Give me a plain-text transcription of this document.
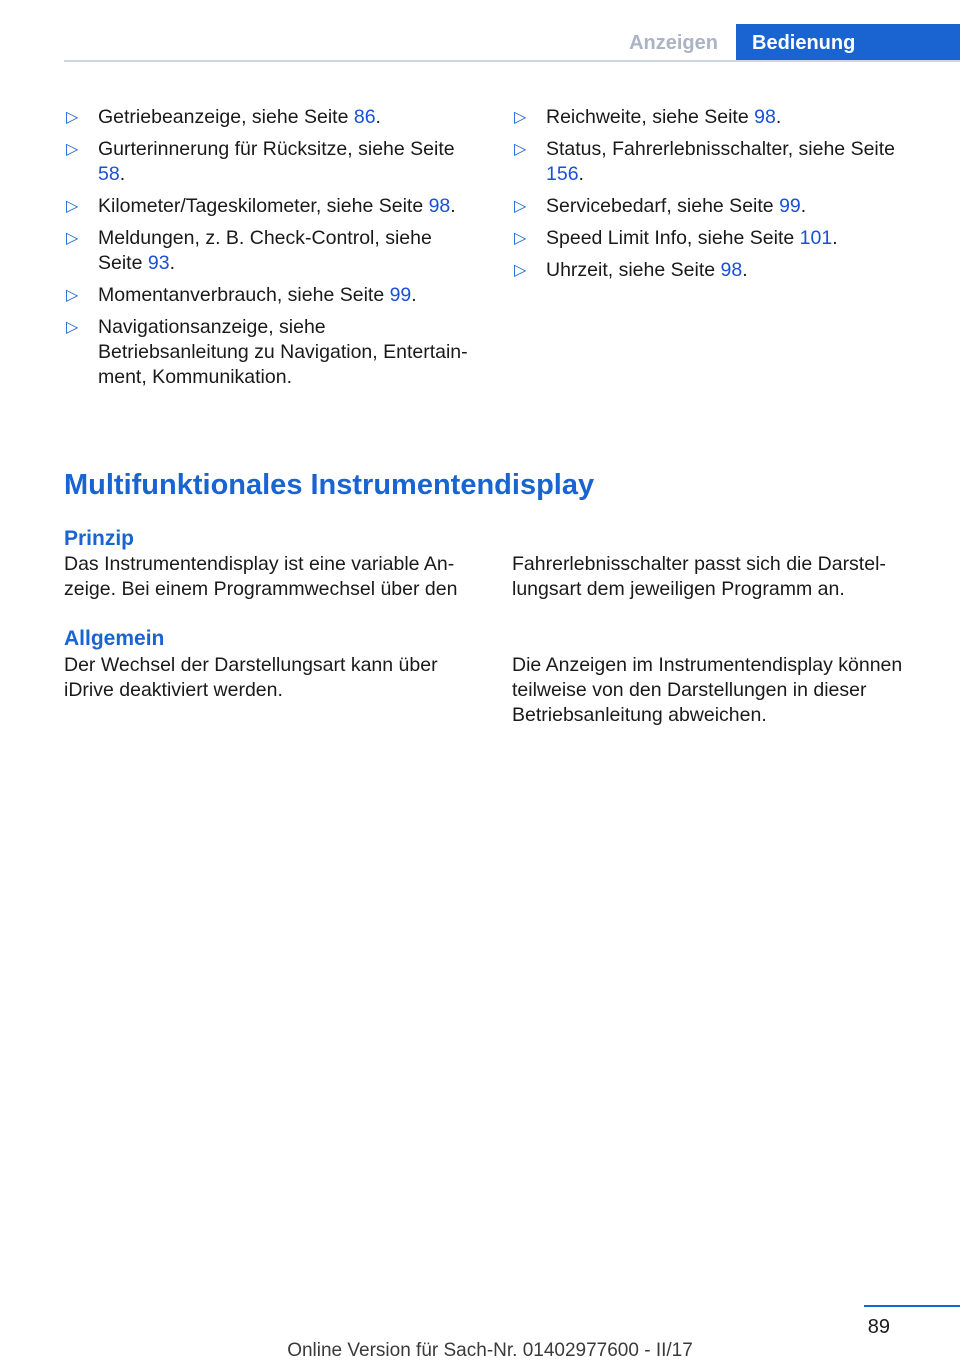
Anzeigen	Bedienung
▷ Getriebeanzeige, siehe Seite 86.
▷ Gurterinnerung für Rücksitze, siehe Seite 58.
▷ Kilometer/Tageskilometer, siehe Seite 98.
▷ Meldungen, z. B. Check-Control, siehe Seite 93.
▷ Momentanverbrauch, siehe Seite 99.
▷ Navigationsanzeige, siehe Betriebsanleitung zu Navigation, Entertainment, Kommunikation.
▷ Reichweite, siehe Seite 98.
▷ Status, Fahrerlebnisschalter, siehe Seite 156.
▷ Servicebedarf, siehe Seite 99.
▷ Speed Limit Info, siehe Seite 101.
▷ Uhrzeit, siehe Seite 98.
Multifunktionales Instrumentendisplay
Prinzip
Das Instrumentendisplay ist eine variable Anzeige. Bei einem Programmwechsel über den
Fahrerlebnisschalter passt sich die Darstellungsart dem jeweiligen Programm an.
Allgemein
Der Wechsel der Darstellungsart kann über iDrive deaktiviert werden.
Die Anzeigen im Instrumentendisplay können teilweise von den Darstellungen in dieser Betriebsanleitung abweichen.
89
Online Version für Sach-Nr. 01402977600 - II/17
